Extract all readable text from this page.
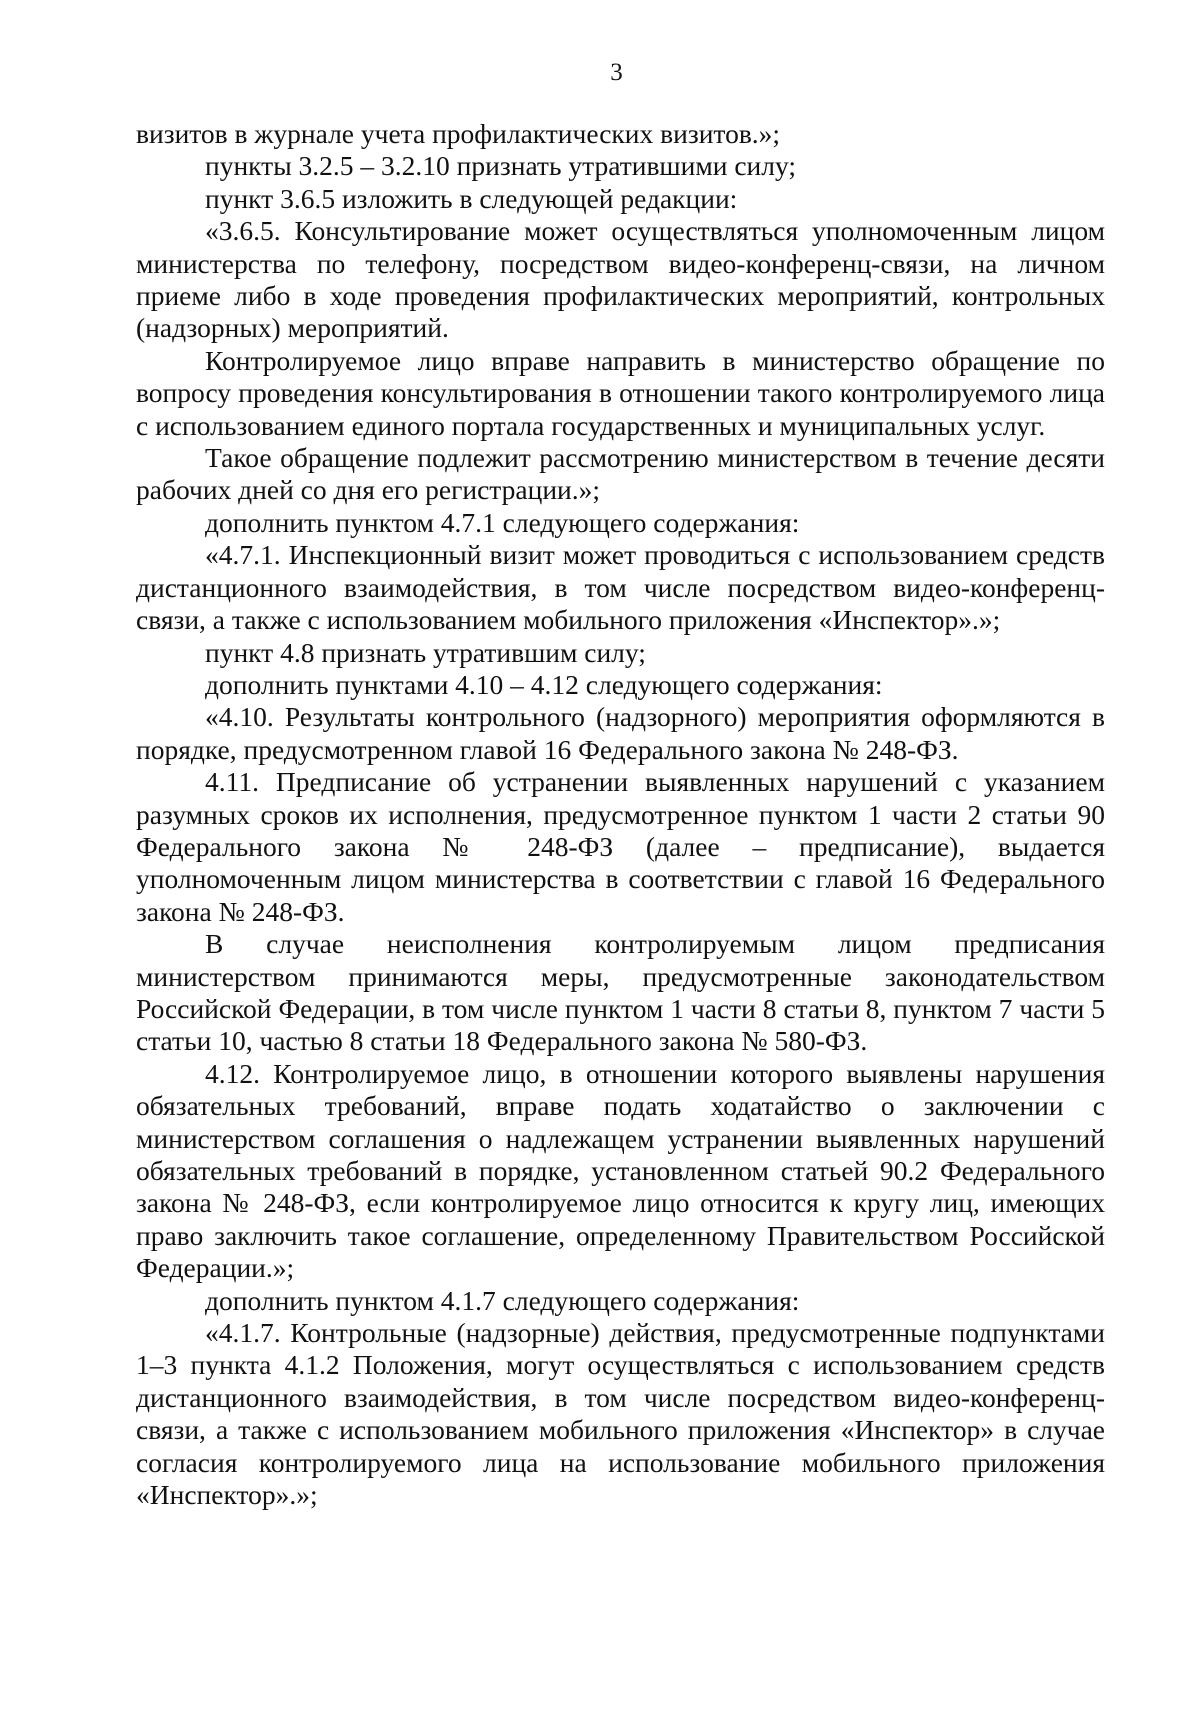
3

визитов в журнале учета профилактических визитов.»;

пункты 3.2.5 – 3.2.10 признать утратившими силу;

пункт 3.6.5 изложить в следующей редакции:

«3.6.5. Консультирование может осуществляться уполномоченным лицом министерства по телефону, посредством видео-конференц-связи, на личном приеме либо в ходе проведения профилактических мероприятий, контрольных (надзорных) мероприятий.

Контролируемое лицо вправе направить в министерство обращение по вопросу проведения консультирования в отношении такого контролируемого лица с использованием единого портала государственных и муниципальных услуг.

Такое обращение подлежит рассмотрению министерством в течение десяти рабочих дней со дня его регистрации.»;

дополнить пунктом 4.7.1 следующего содержания:

«4.7.1. Инспекционный визит может проводиться с использованием средств дистанционного взаимодействия, в том числе посредством видео-конференц-связи, а также с использованием мобильного приложения «Инспектор».»;

пункт 4.8 признать утратившим силу;

дополнить пунктами 4.10 – 4.12 следующего содержания:

«4.10. Результаты контрольного (надзорного) мероприятия оформляются в порядке, предусмотренном главой 16 Федерального закона № 248-ФЗ.

4.11. Предписание об устранении выявленных нарушений с указанием разумных сроков их исполнения, предусмотренное пунктом 1 части 2 статьи 90 Федерального закона № 248-ФЗ (далее – предписание), выдается уполномоченным лицом министерства в соответствии с главой 16 Федерального закона № 248-ФЗ.

В случае неисполнения контролируемым лицом предписания министерством принимаются меры, предусмотренные законодательством Российской Федерации, в том числе пунктом 1 части 8 статьи 8, пунктом 7 части 5 статьи 10, частью 8 статьи 18 Федерального закона № 580-ФЗ.

4.12. Контролируемое лицо, в отношении которого выявлены нарушения обязательных требований, вправе подать ходатайство о заключении с министерством соглашения о надлежащем устранении выявленных нарушений обязательных требований в порядке, установленном статьей 90.2 Федерального закона № 248-ФЗ, если контролируемое лицо относится к кругу лиц, имеющих право заключить такое соглашение, определенному Правительством Российской Федерации.»;

дополнить пунктом 4.1.7 следующего содержания:

«4.1.7. Контрольные (надзорные) действия, предусмотренные подпунктами 1–3 пункта 4.1.2 Положения, могут осуществляться с использованием средств дистанционного взаимодействия, в том числе посредством видео-конференц-связи, а также с использованием мобильного приложения «Инспектор» в случае согласия контролируемого лица на использование мобильного приложения «Инспектор».»;
